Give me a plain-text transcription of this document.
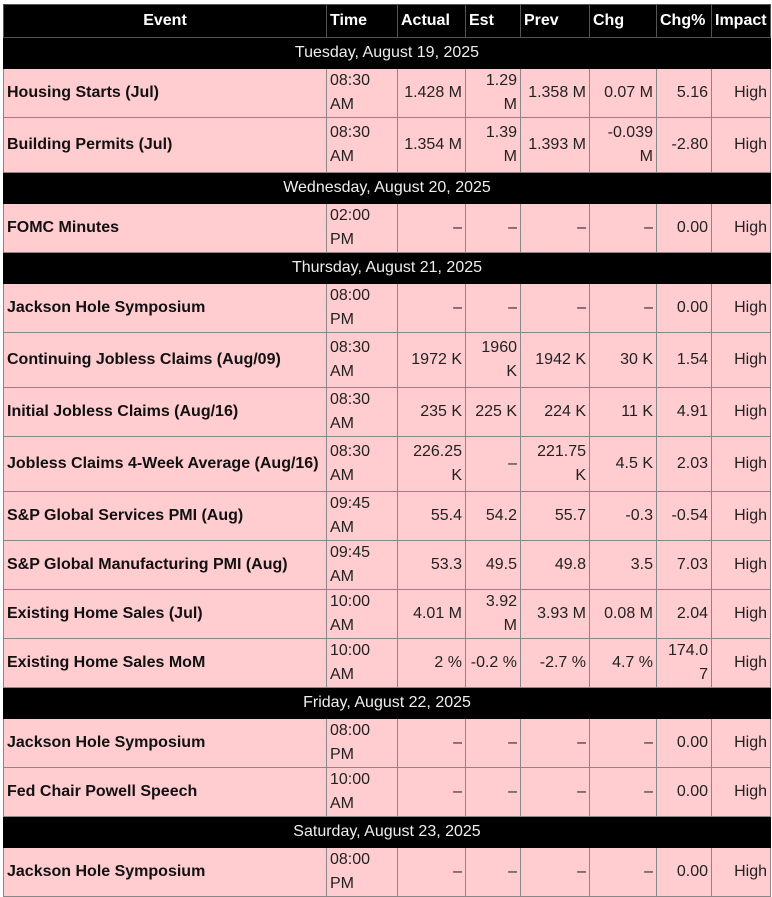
Event	Time	Actual	Est	Prev	Chg	Chg%	Impact
Tuesday, August 19, 2025							
Housing Starts (Jul)	08:30 AM	1.428 M	1.29 M	1.358 M	0.07 M	5.16	High
Building Permits (Jul)	08:30 AM	1.354 M	1.39 M	1.393 M	-0.039 M	-2.80	High
Wednesday, August 20, 2025							
FOMC Minutes	02:00 PM	–	–	–	–	0.00	High
Thursday, August 21, 2025							
Jackson Hole Symposium	08:00 PM	–	–	–	–	0.00	High
Continuing Jobless Claims (Aug/09)	08:30 AM	1972 K	1960 K	1942 K	30 K	1.54	High
Initial Jobless Claims (Aug/16)	08:30 AM	235 K	225 K	224 K	11 K	4.91	High
Jobless Claims 4-Week Average (Aug/16)	08:30 AM	226.25 K	–	221.75 K	4.5 K	2.03	High
S&P Global Services PMI (Aug)	09:45 AM	55.4	54.2	55.7	-0.3	-0.54	High
S&P Global Manufacturing PMI (Aug)	09:45 AM	53.3	49.5	49.8	3.5	7.03	High
Existing Home Sales (Jul)	10:00 AM	4.01 M	3.92 M	3.93 M	0.08 M	2.04	High
Existing Home Sales MoM	10:00 AM	2 %	-0.2 %	-2.7 %	4.7 %	174.07	High
Friday, August 22, 2025							
Jackson Hole Symposium	08:00 PM	–	–	–	–	0.00	High
Fed Chair Powell Speech	10:00 AM	–	–	–	–	0.00	High
Saturday, August 23, 2025							
Jackson Hole Symposium	08:00 PM	–	–	–	–	0.00	High
